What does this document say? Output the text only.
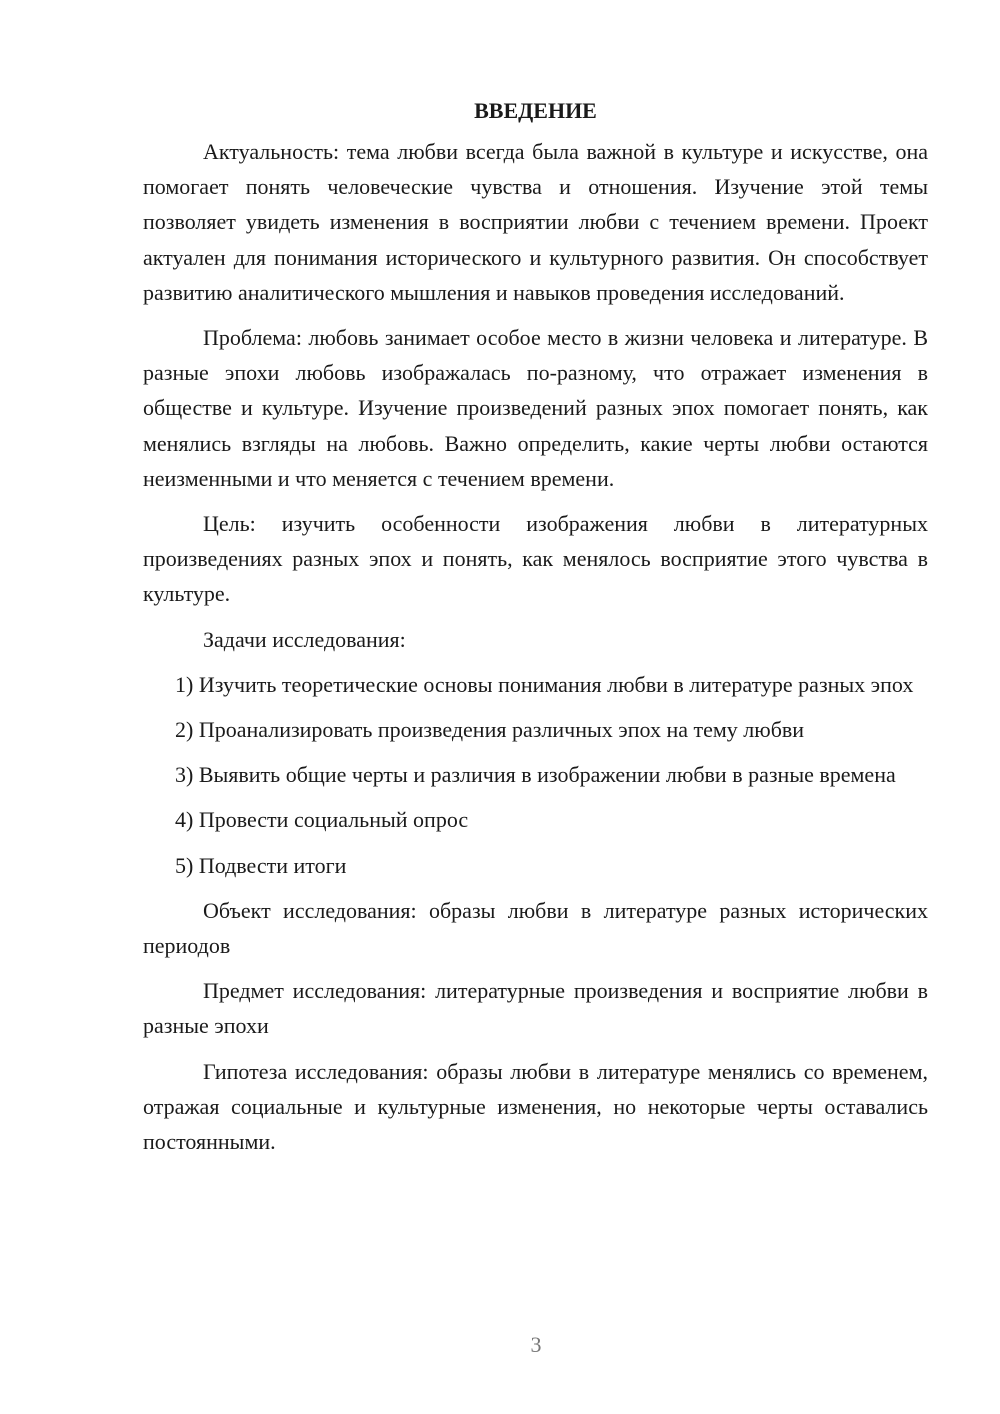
ВВЕДЕНИЕ

Актуальность: тема любви всегда была важной в культуре и искусстве, она помогает понять человеческие чувства и отношения. Изучение этой темы позволяет увидеть изменения в восприятии любви с течением времени. Проект актуален для понимания исторического и культурного развития. Он способствует развитию аналитического мышления и навыков проведения исследований.

Проблема: любовь занимает особое место в жизни человека и литературе. В разные эпохи любовь изображалась по-разному, что отражает изменения в обществе и культуре. Изучение произведений разных эпох помогает понять, как менялись взгляды на любовь. Важно определить, какие черты любви остаются неизменными и что меняется с течением времени.

Цель: изучить особенности изображения любви в литературных произведениях разных эпох и понять, как менялось восприятие этого чувства в культуре.

Задачи исследования:

1) Изучить теоретические основы понимания любви в литературе разных эпох

2) Проанализировать произведения различных эпох на тему любви

3) Выявить общие черты и различия в изображении любви в разные времена

4) Провести социальный опрос

5) Подвести итоги

Объект исследования: образы любви в литературе разных исторических периодов

Предмет исследования: литературные произведения и восприятие любви в разные эпохи

Гипотеза исследования: образы любви в литературе менялись со временем, отражая социальные и культурные изменения, но некоторые черты оставались постоянными.

3
